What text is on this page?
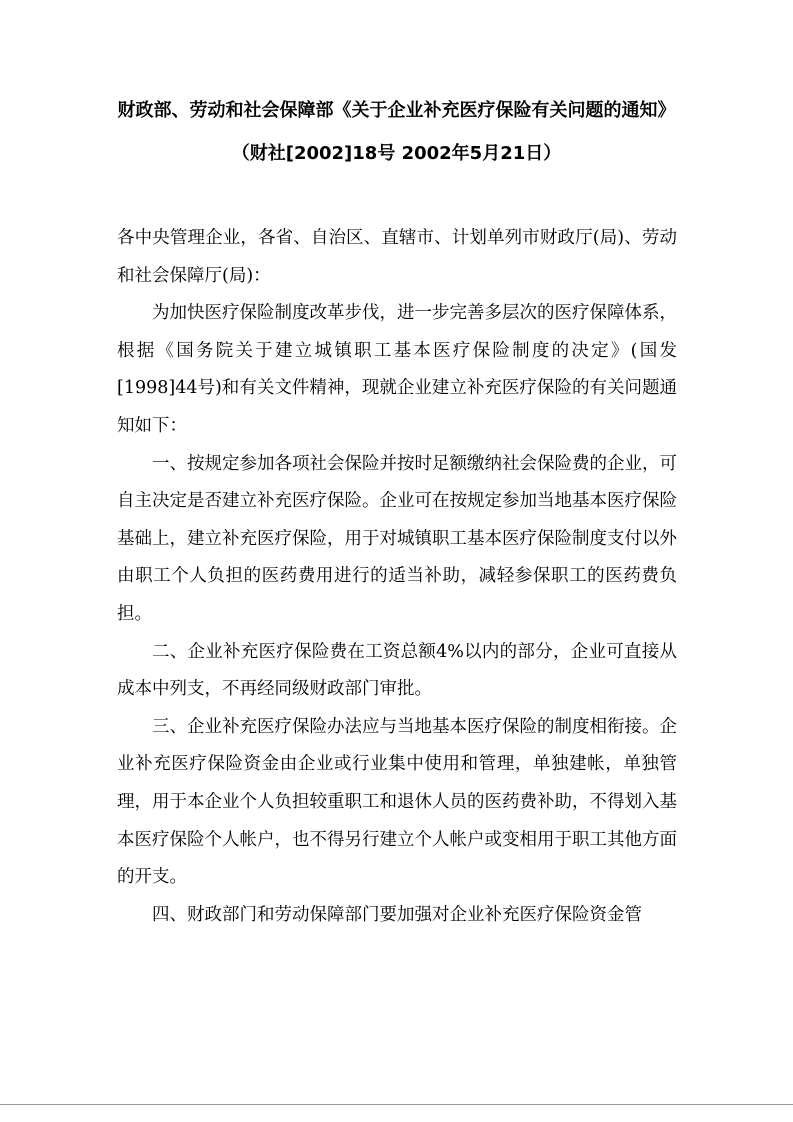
财政部、劳动和社会保障部《关于企业补充医疗保险有关问题的通知》
（财社[2002]18号 2002年5月21日）

各中央管理企业，各省、自治区、直辖市、计划单列市财政厅(局)、劳动和社会保障厅(局)：

为加快医疗保险制度改革步伐，进一步完善多层次的医疗保障体系，根据《国务院关于建立城镇职工基本医疗保险制度的决定》(国发[1998]44号)和有关文件精神，现就企业建立补充医疗保险的有关问题通知如下：

一、按规定参加各项社会保险并按时足额缴纳社会保险费的企业，可自主决定是否建立补充医疗保险。企业可在按规定参加当地基本医疗保险基础上，建立补充医疗保险，用于对城镇职工基本医疗保险制度支付以外由职工个人负担的医药费用进行的适当补助，减轻参保职工的医药费负担。

二、企业补充医疗保险费在工资总额4%以内的部分，企业可直接从成本中列支，不再经同级财政部门审批。

三、企业补充医疗保险办法应与当地基本医疗保险的制度相衔接。企业补充医疗保险资金由企业或行业集中使用和管理，单独建帐，单独管理，用于本企业个人负担较重职工和退休人员的医药费补助，不得划入基本医疗保险个人帐户，也不得另行建立个人帐户或变相用于职工其他方面的开支。

四、财政部门和劳动保障部门要加强对企业补充医疗保险资金管
